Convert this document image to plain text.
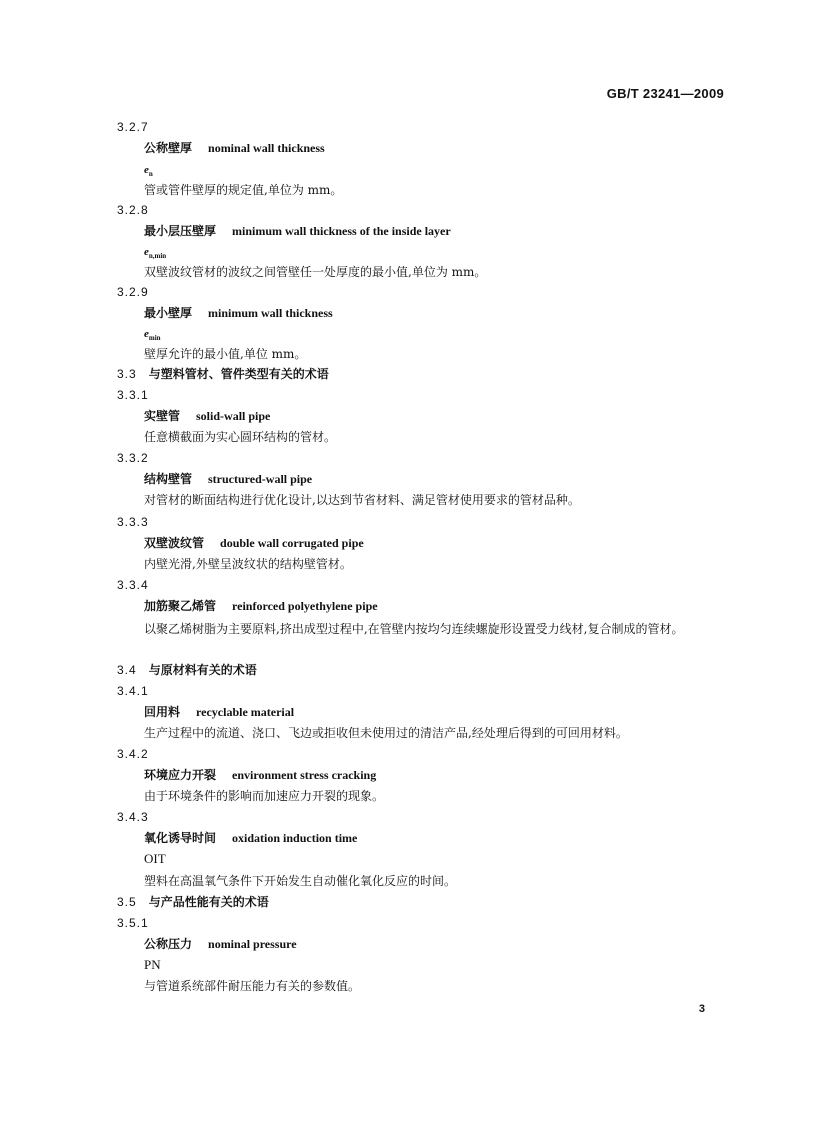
GB/T 23241—2009
3.2.7
公称壁厚 nominal wall thickness
$e_n$
管或管件壁厚的规定值,单位为 mm。
3.2.8
最小层压壁厚 minimum wall thickness of the inside layer
$e_{n,min}$
双壁波纹管材的波纹之间管壁任一处厚度的最小值,单位为 mm。
3.2.9
最小壁厚 minimum wall thickness
$e_{min}$
壁厚允许的最小值,单位 mm。
3.3 与塑料管材、管件类型有关的术语
3.3.1
实壁管 solid-wall pipe
任意横截面为实心圆环结构的管材。
3.3.2
结构壁管 structured-wall pipe
对管材的断面结构进行优化设计,以达到节省材料、满足管材使用要求的管材品种。
3.3.3
双壁波纹管 double wall corrugated pipe
内壁光滑,外壁呈波纹状的结构壁管材。
3.3.4
加筋聚乙烯管 reinforced polyethylene pipe
以聚乙烯树脂为主要原料,挤出成型过程中,在管壁内按均匀连续螺旋形设置受力线材,复合制成的管材。
3.4 与原材料有关的术语
3.4.1
回用料 recyclable material
生产过程中的流道、浇口、飞边或拒收但未使用过的清洁产品,经处理后得到的可回用材料。
3.4.2
环境应力开裂 environment stress cracking
由于环境条件的影响而加速应力开裂的现象。
3.4.3
氧化诱导时间 oxidation induction time
OIT
塑料在高温氧气条件下开始发生自动催化氧化反应的时间。
3.5 与产品性能有关的术语
3.5.1
公称压力 nominal pressure
PN
与管道系统部件耐压能力有关的参数值。
3
